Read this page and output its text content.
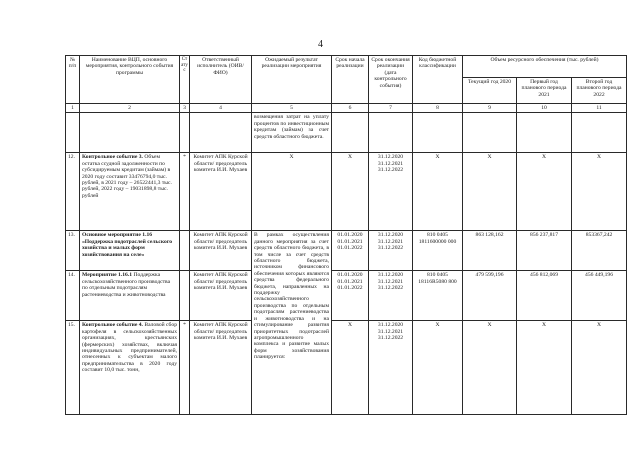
4
№ п/п	Наименование ВЦП, основного мероприятия, контрольного события программы	Статус	Ответственный исполнитель (ОИВ/ФИО)	Ожидаемый результат реализации мероприятия	Срок начала реализации	Срок окончания реализации (дата контрольного события)	Код бюджетной классификации	Объем ресурсного обеспечения (тыс. рублей)		
								Текущий год 2020	Первый год планового периода 2021	Второй год планового периода 2022
1	2	3	4	5	6	7	8	9	10	11
				возмещения затрат на уплату процентов по инвестиционным кредитам (займам) за счет средств областного бюджета.						
12.	Контрольное событие 3. Объем остатка ссудной задолженности по субсидируемым кредитам (займам) в 2020 году составит 33476794,0 тыс. рублей, в 2021 году – 26522441,3 тыс. рублей, 2022 году – 19031898,8 тыс. рублей	*	Комитет АПК Курской области/ председатель комитета И.И. Мухаев	Х	Х	31.12.2020 31.12.2021 31.12.2022	Х	Х	Х	Х
13.	Основное мероприятие 1.16 «Поддержка подотраслей сельского хозяйства и малых форм хозяйствования на селе»		Комитет АПК Курской области/ председатель комитета И.И. Мухаев	В рамках осуществления данного мероприятия за счет средств областного бюджета, в том числе за счет средств областного бюджета, источником финансового обеспечения которых являются средства федерального бюджета, направленных на поддержку сельскохозяйственного производства по отдельным подотраслям растениеводства и животноводства и на стимулирование развития приоритетных подотраслей агропромышленного комплекса и развитие малых форм хозяйствования планируется:	01.01.2020 01.01.2021 01.01.2022	31.12.2020 31.12.2021 31.12.2022	810 0405 1811600000 000	863 128,162	856 237,817	853367,242
14.	Мероприятие 1.16.1 Поддержка сельскохозяйственного производства по отдельным подотраслям растениеводства и животноводства		Комитет АПК Курской области/ председатель комитета И.И. Мухаев		01.01.2020 01.01.2021 01.01.2022	31.12.2020 31.12.2021 31.12.2022	810 0405 18116R5080 800	479 599,196	456 812,069	456 449,196
15.	Контрольное событие 4. Валовой сбор картофеля в сельскохозяйственных организациях, крестьянских (фермерских) хозяйствах, включая индивидуальных предпринимателей, отнесенных к субъектам малого предпринимательства в 2020 году составит 10,0 тыс. тонн,	*	Комитет АПК Курской области/ председатель комитета И.И. Мухаев		Х	31.12.2020 31.12.2021 31.12.2022	Х	Х	Х	Х
